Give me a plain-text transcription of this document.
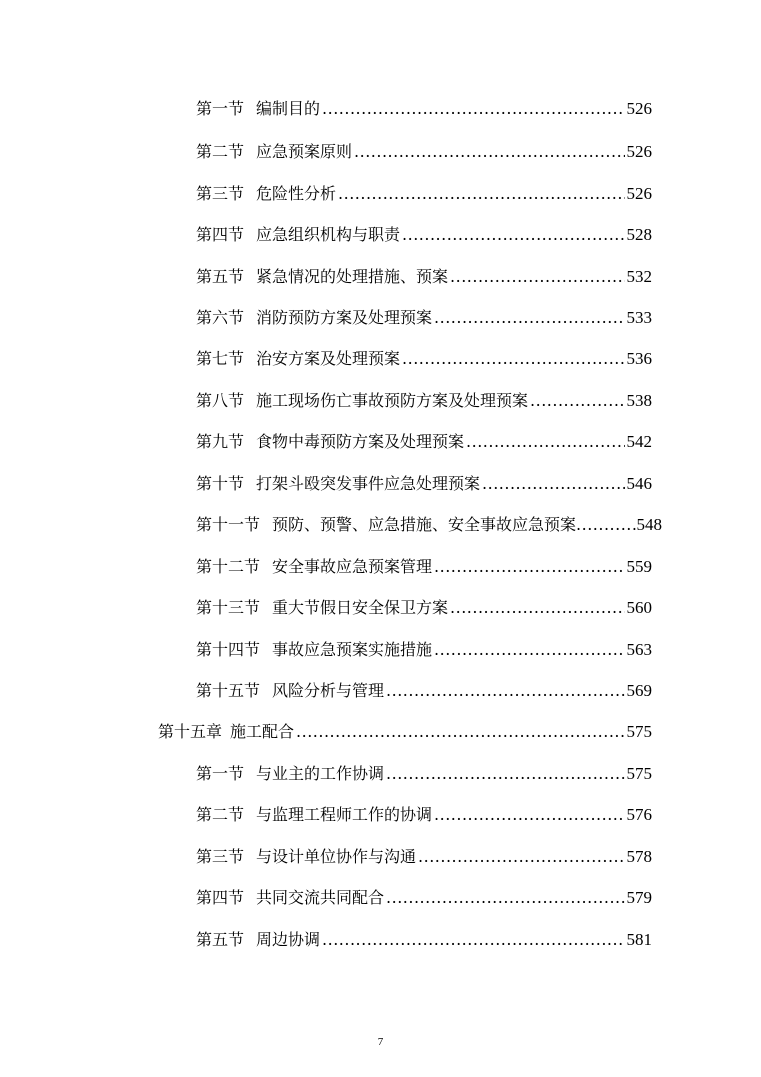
第一节 编制目的 .....	526
第二节 应急预案原则 .....	526
第三节 危险性分析 .....	526
第四节 应急组织机构与职责 .....	528
第五节 紧急情况的处理措施、预案 .....	532
第六节 消防预防方案及处理预案 .....	533
第七节 治安方案及处理预案 .....	536
第八节 施工现场伤亡事故预防方案及处理预案 .....	538
第九节 食物中毒预防方案及处理预案 .....	542
第十节 打架斗殴突发事件应急处理预案 .....	546
第十一节 预防、预警、应急措施、安全事故应急预案 .....	548
第十二节 安全事故应急预案管理 .....	559
第十三节 重大节假日安全保卫方案 .....	560
第十四节 事故应急预案实施措施 .....	563
第十五节 风险分析与管理 .....	569
第十五章 施工配合 .....	575
第一节 与业主的工作协调 .....	575
第二节 与监理工程师工作的协调 .....	576
第三节 与设计单位协作与沟通 .....	578
第四节 共同交流共同配合 .....	579
第五节 周边协调 .....	581
7
